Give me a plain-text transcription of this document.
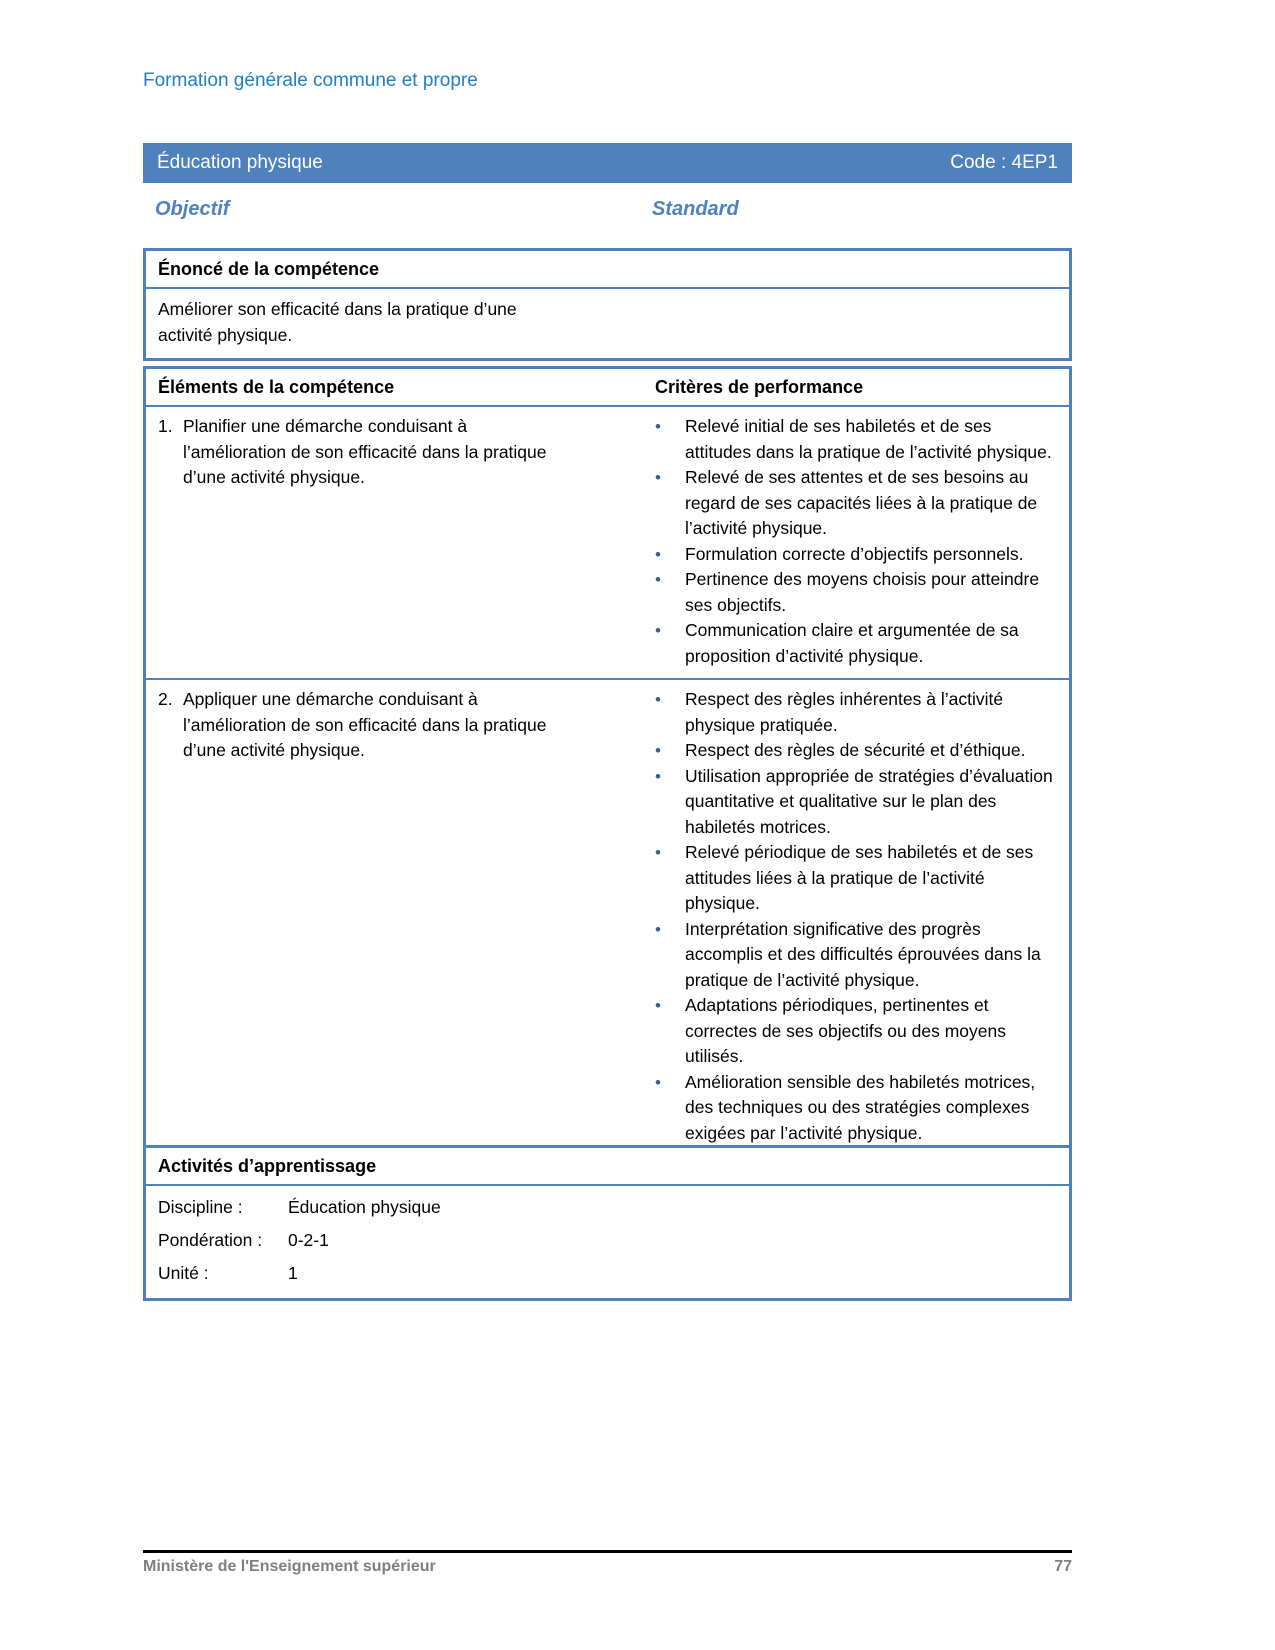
Formation générale commune et propre
Éducation physique	Code : 4EP1
Objectif	Standard
Énoncé de la compétence
Améliorer son efficacité dans la pratique d’une
activité physique.
Éléments de la compétence	Critères de performance
1. Planifier une démarche conduisant à
l’amélioration de son efficacité dans la pratique
d’une activité physique.
•	Relevé initial de ses habiletés et de ses
attitudes dans la pratique de l’activité physique.
•	Relevé de ses attentes et de ses besoins au
regard de ses capacités liées à la pratique de
l’activité physique.
•	Formulation correcte d’objectifs personnels.
•	Pertinence des moyens choisis pour atteindre
ses objectifs.
•	Communication claire et argumentée de sa
proposition d’activité physique.
2. Appliquer une démarche conduisant à
l’amélioration de son efficacité dans la pratique
d’une activité physique.
•	Respect des règles inhérentes à l’activité
physique pratiquée.
•	Respect des règles de sécurité et d’éthique.
•	Utilisation appropriée de stratégies d’évaluation
quantitative et qualitative sur le plan des
habiletés motrices.
•	Relevé périodique de ses habiletés et de ses
attitudes liées à la pratique de l’activité
physique.
•	Interprétation significative des progrès
accomplis et des difficultés éprouvées dans la
pratique de l’activité physique.
•	Adaptations périodiques, pertinentes et
correctes de ses objectifs ou des moyens
utilisés.
•	Amélioration sensible des habiletés motrices,
des techniques ou des stratégies complexes
exigées par l’activité physique.
Activités d’apprentissage
Discipline :	Éducation physique
Pondération :	0-2-1
Unité :	1
Ministère de l'Enseignement supérieur	77
